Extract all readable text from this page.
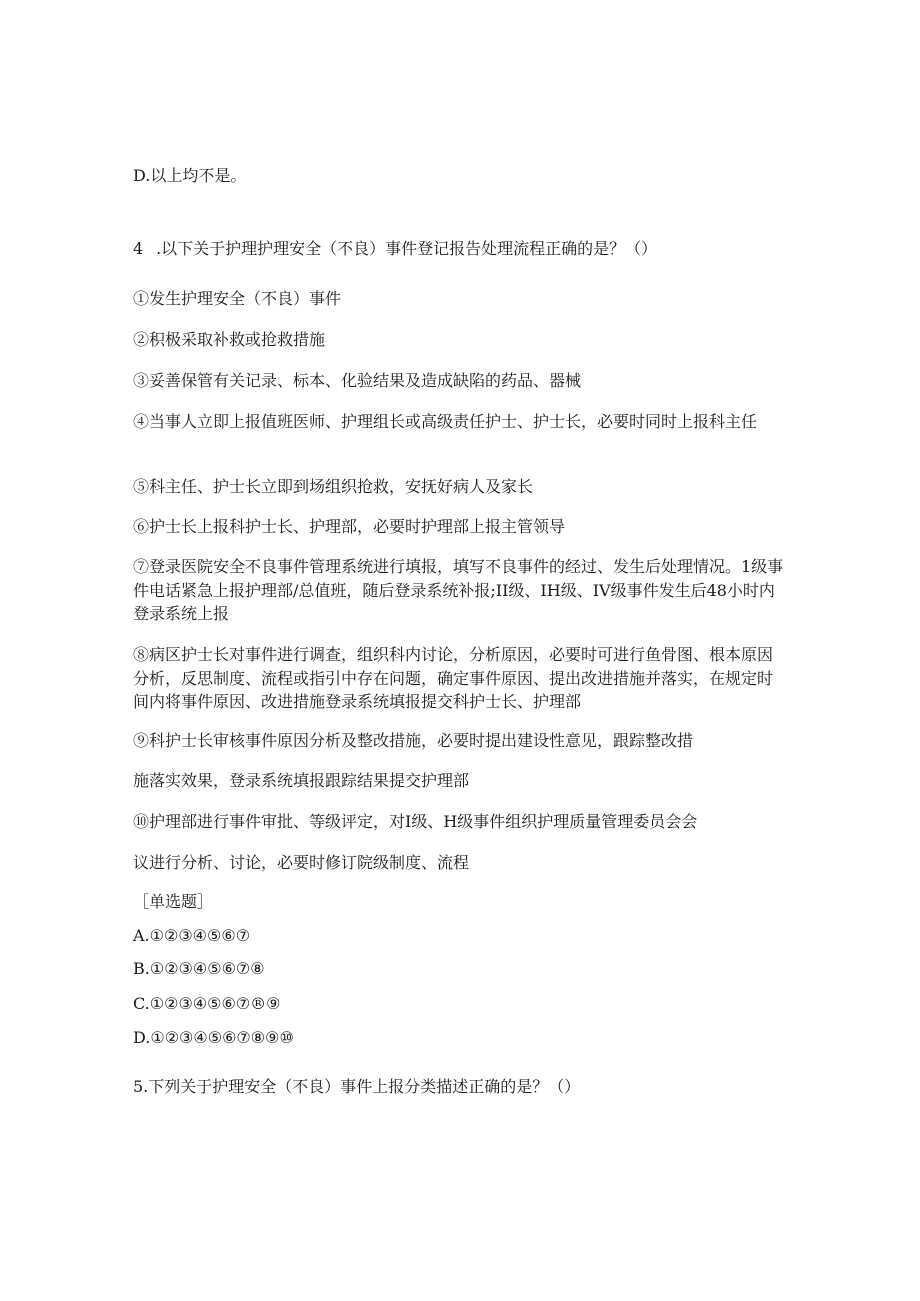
D.以上均不是。
4 .以下关于护理护理安全（不良）事件登记报告处理流程正确的是？（）
①发生护理安全（不良）事件
②积极采取补救或抢救措施
③妥善保管有关记录、标本、化验结果及造成缺陷的药品、器械
④当事人立即上报值班医师、护理组长或高级责任护士、护士长，必要时同时上报科主任
⑤科主任、护士长立即到场组织抢救，安抚好病人及家长
⑥护士长上报科护士长、护理部，必要时护理部上报主管领导
⑦登录医院安全不良事件管理系统进行填报，填写不良事件的经过、发生后处理情况。1级事件电话紧急上报护理部/总值班，随后登录系统补报;II级、IH级、IV级事件发生后48小时内登录系统上报
⑧病区护士长对事件进行调查，组织科内讨论，分析原因，必要时可进行鱼骨图、根本原因分析，反思制度、流程或指引中存在问题，确定事件原因、提出改进措施并落实，在规定时间内将事件原因、改进措施登录系统填报提交科护士长、护理部
⑨科护士长审核事件原因分析及整改措施，必要时提出建设性意见，跟踪整改措
施落实效果，登录系统填报跟踪结果提交护理部
⑩护理部进行事件审批、等级评定，对I级、H级事件组织护理质量管理委员会会
议进行分析、讨论，必要时修订院级制度、流程
［单选题］
A.①②③④⑤⑥⑦
B.①②③④⑤⑥⑦⑧
C.①②③④⑤⑥⑦®⑨
D.①②③④⑤⑥⑦⑧⑨⑩
5.下列关于护理安全（不良）事件上报分类描述正确的是？（）
